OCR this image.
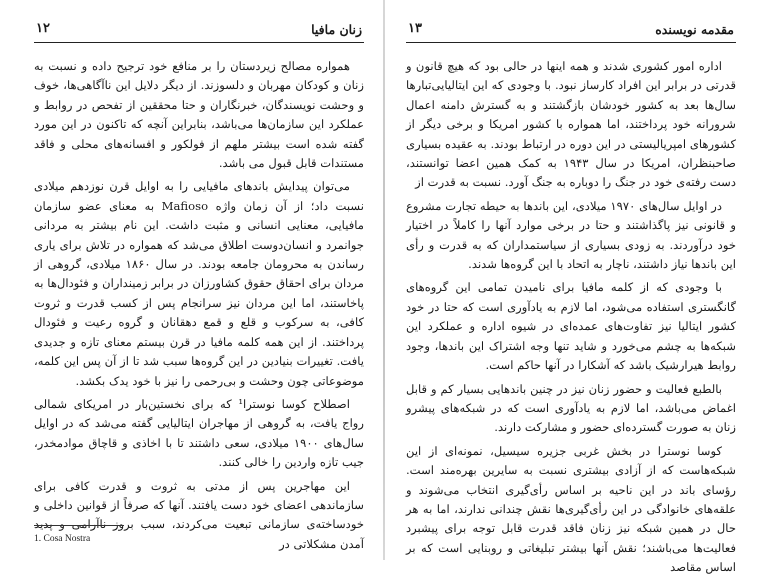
زنان مافیا
۱۲

همواره مصالح زیردستان را بر منافع خود ترجیح داده و نسبت به زنان و کودکان مهربان و دلسوزند. از دیگر دلایل این ناآگاهی‌ها، خوف و وحشت نویسندگان، خبرنگاران و حتا محققین از تفحص در روابط و عملکرد این سازمان‌ها می‌باشد، بنابراین آنچه که تاکنون در این مورد گفته شده است بیشتر ملهم از فولکور و افسانه‌های محلی و فاقد مستندات قابل قبول می‌ باشد.

می‌توان پیدایش باندهای مافیایی را به اوایل قرن نوزدهم میلادی نسبت داد؛ از آن زمان واژه Mafioso به معنای عضو سازمان مافیایی، معنایی انسانی و مثبت داشت. این نام بیشتر به مردانی جوانمرد و انسان‌دوست اطلاق می‌شد که همواره در تلاش برای یاری رساندن به محرومان جامعه بودند. در سال ۱۸۶۰ میلادی، گروهی از مردان برای احقاق حقوق کشاورزان در برابر زمینداران و فئودال‌ها به پاخاستند، اما این مردان نیز سرانجام پس از کسب قدرت و ثروت کافی، به سرکوب و قلع و قمع دهقانان و گروه رعیت و فئودال پرداختند. از این همه کلمه مافیا در قرن بیستم معنای تازه و جدیدی یافت. تغییرات بنیادین در این گروه‌ها سبب شد تا از آن پس این کلمه، موضوعاتی چون وحشت و بی‌رحمی را نیز با خود یدک بکشد.

اصطلاح کوسا نوسترا¹ که برای نخستین‌بار در امریکای شمالی رواج یافت، به گروهی از مهاجران ایتالیایی گفته می‌شد که در اوایل سال‌های ۱۹۰۰ میلادی، سعی داشتند تا با اخاذی و قاچاق موادمخدر، جیب تازه واردین را خالی کنند.

این مهاجرین پس از مدتی به ثروت و قدرت کافی برای سازماندهی اعضای خود دست یافتند. آنها که صرفاً از قوانین داخلی و خودساخته‌ی سازمانی تبعیت می‌کردند، سبب بروز ناآرامی و پدید آمدن مشکلاتی در

مقدمه نویسنده
۱۳

اداره امور کشوری شدند و همه اینها در حالی بود که هیچ قانون و قدرتی در برابر این افراد کارساز نبود. با وجودی که این ایتالیایی‌تبارها سال‌ها بعد به کشور خودشان بازگشتند و به گسترش دامنه اعمال شرورانه خود پرداختند، اما همواره با کشور امریکا و برخی دیگر از کشورهای امپریالیستی در این دوره در ارتباط بودند. به عقیده بسیاری صاحبنظران، امریکا در سال ۱۹۴۳ به کمک همین اعضا توانستند، دست رفته‌ی خود در جنگ را دوباره به جنگ آورد. نسبت به قدرت از

در اوایل سال‌های ۱۹۷۰ میلادی، این باندها به حیطه تجارت مشروع و قانونی نیز پاگذاشتند و حتا در برخی موارد آنها را کاملاً در اختیار خود درآوردند. به زودی بسیاری از سیاستمداران که به قدرت و رأی این باندها نیاز داشتند، ناچار به اتحاد با این گروه‌ها شدند.

با وجودی که از کلمه مافیا برای نامیدن تمامی این گروه‌های گانگستری استفاده می‌شود، اما لازم به یادآوری است که حتا در خود کشور ایتالیا نیز تفاوت‌های عمده‌ای در شیوه اداره و عملکرد این شبکه‌ها به چشم می‌خورد و شاید تنها وجه اشتراک این باندها، وجود روابط هیرارشیک باشد که آشکارا در آنها حاکم است.

بالطبع فعالیت و حضور زنان نیز در چنین باندهایی بسیار کم و قابل اغماض می‌باشد، اما لازم به یادآوری است که در شبکه‌های پیشرو زنان به صورت گسترده‌ای حضور و مشارکت دارند.

کوسا نوسترا در بخش غربی جزیره سیسیل، نمونه‌ای از این شبکه‌هاست که از آزادی بیشتری نسبت به سایرین بهره‌مند است. رؤسای باند در این ناحیه بر اساس رأی‌گیری انتخاب می‌شوند و علقه‌های خانوادگی در این رأی‌گیری‌ها نقش چندانی ندارند، اما به هر حال در همین شبکه نیز زنان فاقد قدرت قابل توجه برای پیشبرد فعالیت‌ها می‌باشند؛ نقش آنها بیشتر تبلیغاتی و روبنایی است که بر اساس مقاصد

1. Cosa Nostra
